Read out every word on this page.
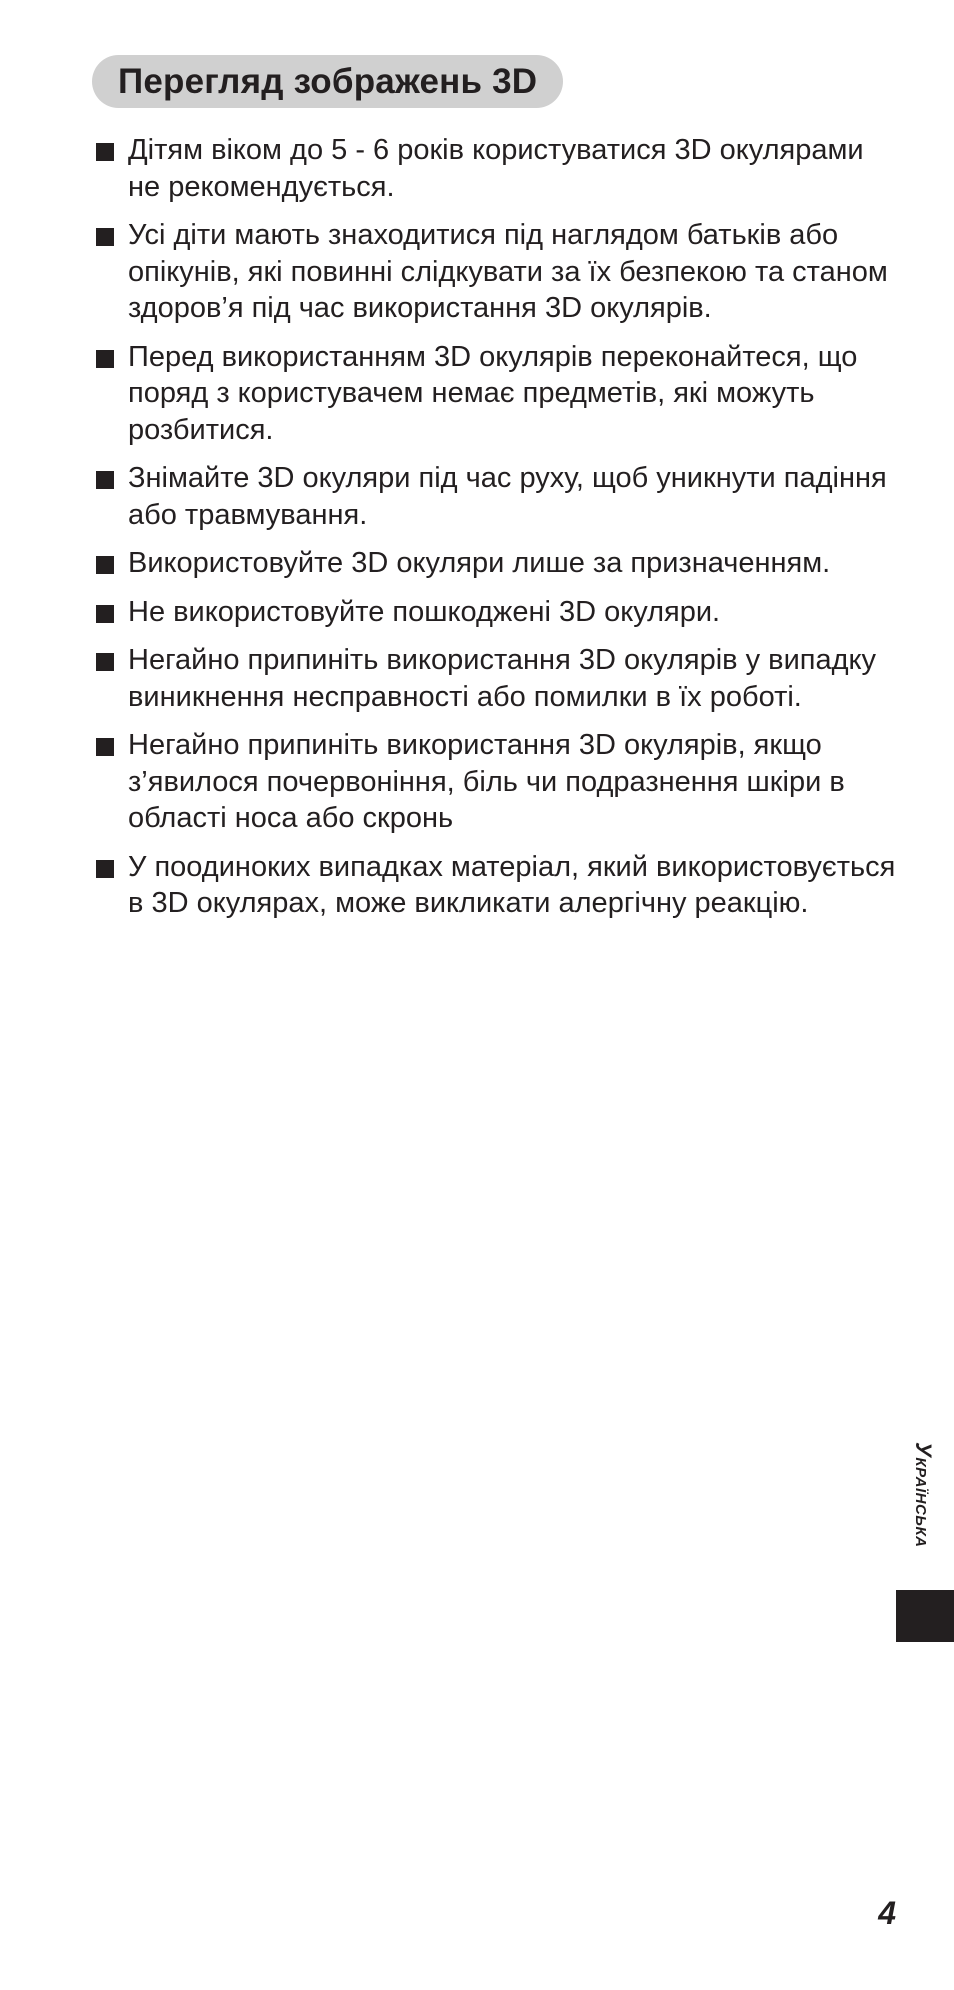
Перегляд зображень 3D
Дітям віком до 5 - 6 років користуватися 3D окулярами не рекомендується.
Усі діти мають знаходитися під наглядом батьків або опікунів, які повинні слідкувати за їх безпекою та станом здоров’я під час використання 3D окулярів.
Перед використанням 3D окулярів переконайтеся, що поряд з користувачем немає предметів, які можуть розбитися.
Знімайте 3D окуляри під час руху, щоб уникнути падіння або травмування.
Використовуйте 3D окуляри лише за призначенням.
Не використовуйте пошкоджені 3D окуляри.
Негайно припиніть використання 3D окулярів у випадку виникнення несправності або помилки в їх роботі.
Негайно припиніть використання 3D окулярів, якщо з’явилося почервоніння, біль чи подразнення шкіри в області носа або скронь
У поодиноких випадках матеріал, який використовується в 3D окулярах, може викликати алергічну реакцію.
Українська
4
